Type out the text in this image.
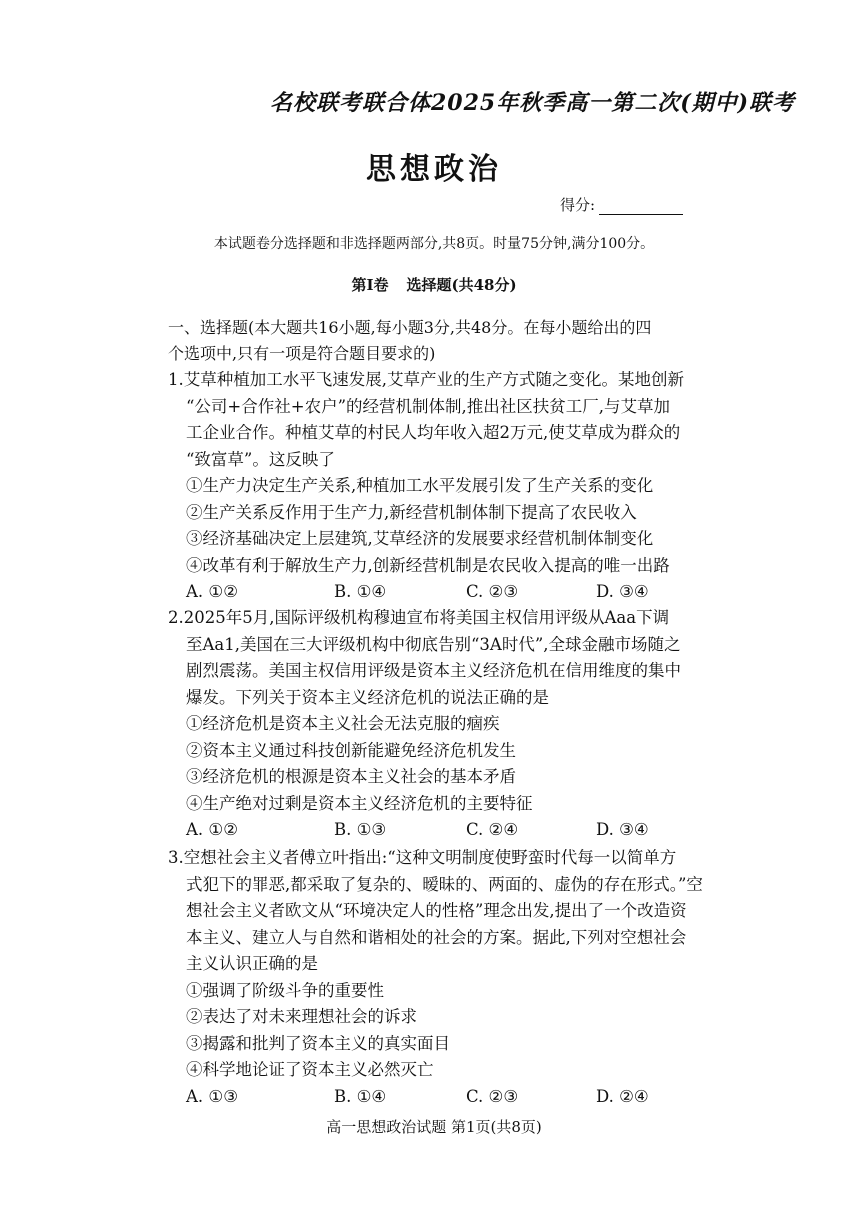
名校联考联合体2025年秋季高一第二次(期中)联考
思想政治
得分:
本试题卷分选择题和非选择题两部分,共8页。时量75分钟,满分100分。
第Ⅰ卷 选择题(共48分)
一、选择题(本大题共16小题,每小题3分,共48分。在每小题给出的四
个选项中,只有一项是符合题目要求的)
1.艾草种植加工水平飞速发展,艾草产业的生产方式随之变化。某地创新
“公司+合作社+农户”的经营机制体制,推出社区扶贫工厂,与艾草加
工企业合作。种植艾草的村民人均年收入超2万元,使艾草成为群众的
“致富草”。这反映了
①生产力决定生产关系,种植加工水平发展引发了生产关系的变化
②生产关系反作用于生产力,新经营机制体制下提高了农民收入
③经济基础决定上层建筑,艾草经济的发展要求经营机制体制变化
④改革有利于解放生产力,创新经营机制是农民收入提高的唯一出路
A. ①②	B. ①④	C. ②③	D. ③④
2.2025年5月,国际评级机构穆迪宣布将美国主权信用评级从Aaa下调
至Aa1,美国在三大评级机构中彻底告别“3A时代”,全球金融市场随之
剧烈震荡。美国主权信用评级是资本主义经济危机在信用维度的集中
爆发。下列关于资本主义经济危机的说法正确的是
①经济危机是资本主义社会无法克服的痼疾
②资本主义通过科技创新能避免经济危机发生
③经济危机的根源是资本主义社会的基本矛盾
④生产绝对过剩是资本主义经济危机的主要特征
A. ①②	B. ①③	C. ②④	D. ③④
3.空想社会主义者傅立叶指出:“这种文明制度使野蛮时代每一以简单方
式犯下的罪恶,都采取了复杂的、暧昧的、两面的、虚伪的存在形式。”空
想社会主义者欧文从“环境决定人的性格”理念出发,提出了一个改造资
本主义、建立人与自然和谐相处的社会的方案。据此,下列对空想社会
主义认识正确的是
①强调了阶级斗争的重要性
②表达了对未来理想社会的诉求
③揭露和批判了资本主义的真实面目
④科学地论证了资本主义必然灭亡
A. ①③	B. ①④	C. ②③	D. ②④
高一思想政治试题 第1页(共8页)
